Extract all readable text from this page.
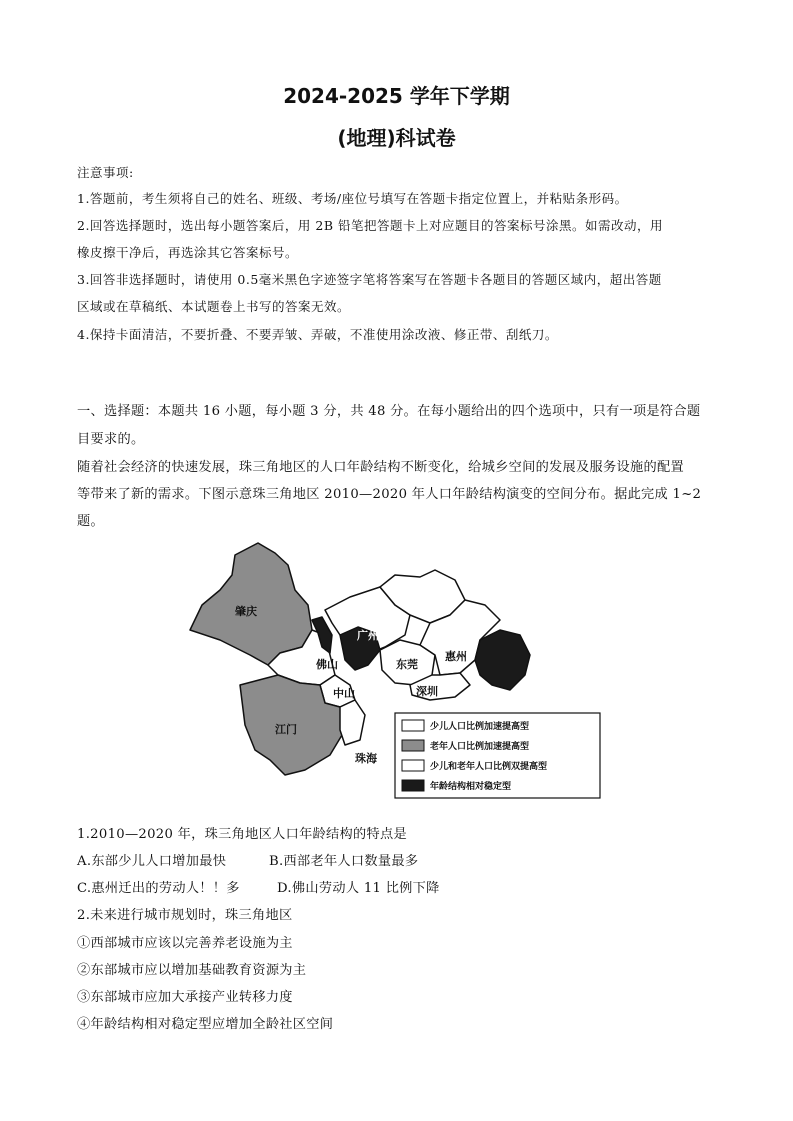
2024-2025 学年下学期
(地理)科试卷
注意事项:
1.答题前，考生须将自己的姓名、班级、考场/座位号填写在答题卡指定位置上，并粘贴条形码。
2.回答选择题时，选出每小题答案后，用 2B 铅笔把答题卡上对应题目的答案标号涂黑。如需改动，用
橡皮擦干净后，再选涂其它答案标号。
3.回答非选择题时，请使用 0.5毫米黑色字迹签字笔将答案写在答题卡各题目的答题区域内，超出答题
区域或在草稿纸、本试题卷上书写的答案无效。
4.保持卡面清洁，不要折叠、不要弄皱、弄破，不准使用涂改液、修正带、刮纸刀。
一、选择题：本题共 16 小题，每小题 3 分，共 48 分。在每小题给出的四个选项中，只有一项是符合题
目要求的。
随着社会经济的快速发展，珠三角地区的人口年龄结构不断变化，给城乡空间的发展及服务设施的配置
等带来了新的需求。下图示意珠三角地区 2010—2020 年人口年龄结构演变的空间分布。据此完成 1~2
题。
肇庆
广州
佛山	东莞
惠州
深圳
中山
江门
珠海
少儿人口比例加速提高型
老年人口比例加速提高型
少儿和老年人口比例双提高型
年龄结构相对稳定型
1.2010—2020 年，珠三角地区人口年龄结构的特点是
A.东部少儿人口增加最快	B.西部老年人口数量最多
C.惠州迁出的劳动人！！多	D.佛山劳动人 11 比例下降
2.未来进行城市规划时，珠三角地区
①西部城市应该以完善养老设施为主
②东部城市应以增加基础教育资源为主
③东部城市应加大承接产业转移力度
④年龄结构相对稳定型应增加全龄社区空间
